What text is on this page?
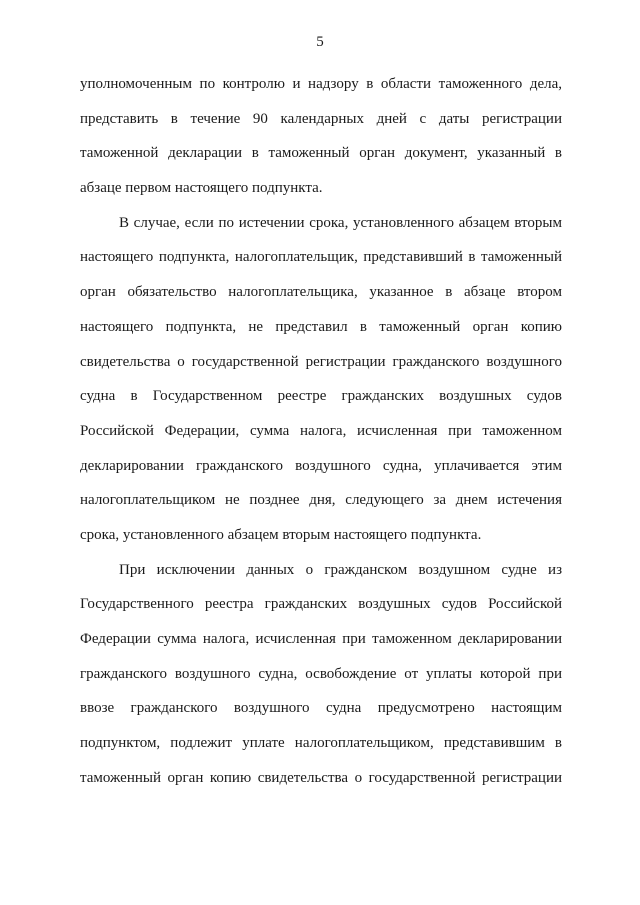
5
уполномоченным по контролю и надзору в области таможенного дела,
представить в течение 90 календарных дней с даты регистрации
таможенной декларации в таможенный орган документ, указанный в
абзаце первом настоящего подпункта.
В случае, если по истечении срока, установленного абзацем вторым
настоящего подпункта, налогоплательщик, представивший в таможенный
орган обязательство налогоплательщика, указанное в абзаце втором
настоящего подпункта, не представил в таможенный орган копию
свидетельства о государственной регистрации гражданского воздушного
судна в Государственном реестре гражданских воздушных судов
Российской Федерации, сумма налога, исчисленная при таможенном
декларировании гражданского воздушного судна, уплачивается этим
налогоплательщиком не позднее дня, следующего за днем истечения
срока, установленного абзацем вторым настоящего подпункта.
При исключении данных о гражданском воздушном судне из
Государственного реестра гражданских воздушных судов Российской
Федерации сумма налога, исчисленная при таможенном декларировании
гражданского воздушного судна, освобождение от уплаты которой при
ввозе гражданского воздушного судна предусмотрено настоящим
подпунктом, подлежит уплате налогоплательщиком, представившим в
таможенный орган копию свидетельства о государственной регистрации
